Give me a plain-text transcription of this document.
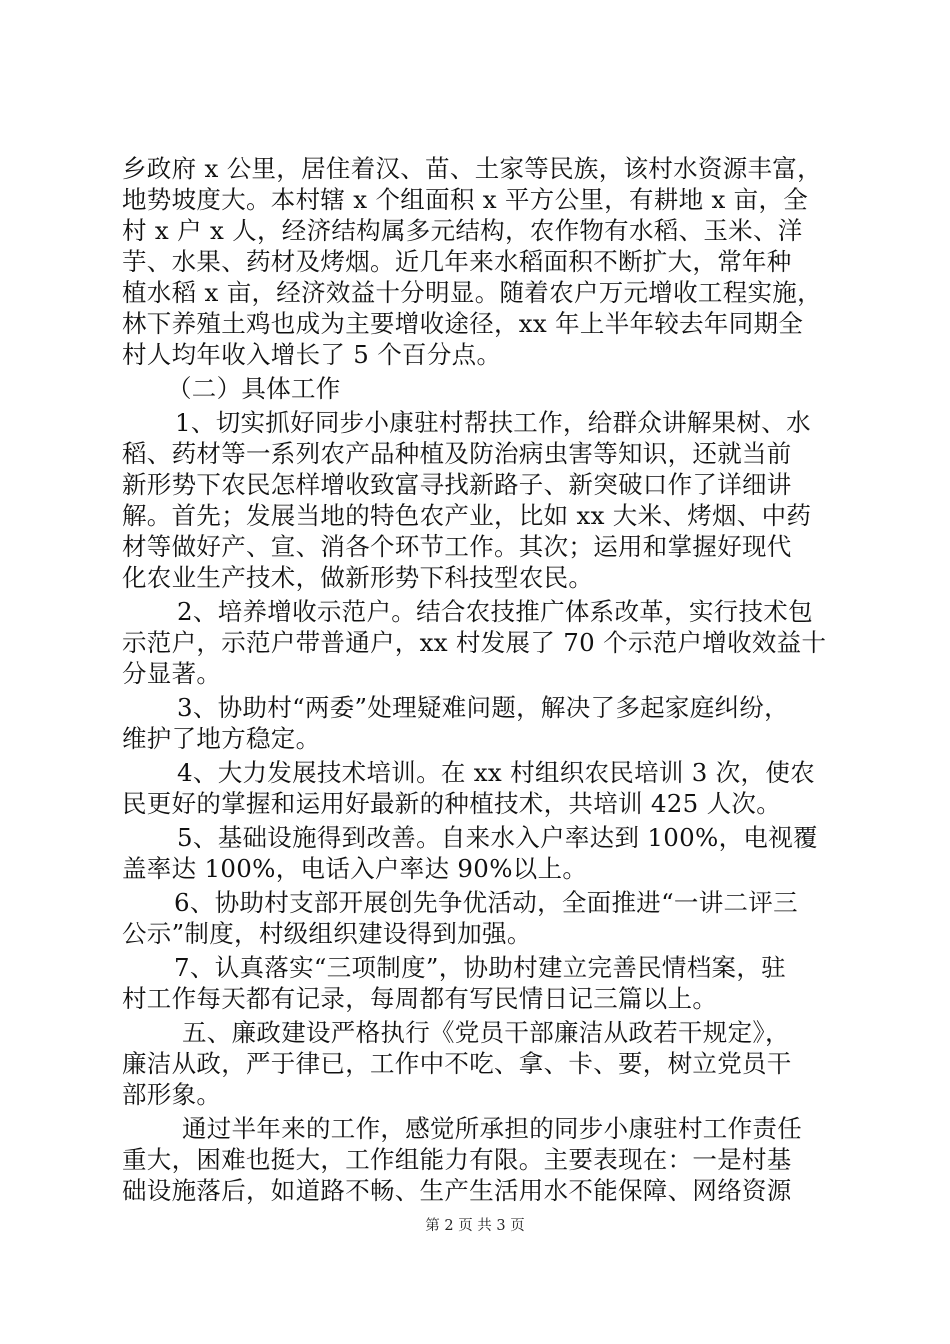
乡政府 x 公里，居住着汉、苗、土家等民族，该村水资源丰富，
地势坡度大。本村辖 x 个组面积 x 平方公里，有耕地 x 亩，全
村 x 户 x 人，经济结构属多元结构，农作物有水稻、玉米、洋
芋、水果、药材及烤烟。近几年来水稻面积不断扩大，常年种
植水稻 x 亩，经济效益十分明显。随着农户万元增收工程实施，
林下养殖土鸡也成为主要增收途径，xx 年上半年较去年同期全
村人均年收入增长了 5 个百分点。
（二）具体工作
1、切实抓好同步小康驻村帮扶工作，给群众讲解果树、水
稻、药材等一系列农产品种植及防治病虫害等知识，还就当前
新形势下农民怎样增收致富寻找新路子、新突破口作了详细讲
解。首先；发展当地的特色农产业，比如 xx 大米、烤烟、中药
材等做好产、宣、消各个环节工作。其次；运用和掌握好现代
化农业生产技术，做新形势下科技型农民。
2、培养增收示范户。结合农技推广体系改革，实行技术包
示范户，示范户带普通户，xx 村发展了 70 个示范户增收效益十
分显著。
3、协助村“两委”处理疑难问题，解决了多起家庭纠纷，
维护了地方稳定。
4、大力发展技术培训。在 xx 村组织农民培训 3 次，使农
民更好的掌握和运用好最新的种植技术，共培训 425 人次。
5、基础设施得到改善。自来水入户率达到 100%，电视覆
盖率达 100%，电话入户率达 90%以上。
6、协助村支部开展创先争优活动，全面推进“一讲二评三
公示”制度，村级组织建设得到加强。
7、认真落实“三项制度”，协助村建立完善民情档案，驻
村工作每天都有记录，每周都有写民情日记三篇以上。
五、廉政建设严格执行《党员干部廉洁从政若干规定》，
廉洁从政，严于律已，工作中不吃、拿、卡、要，树立党员干
部形象。
通过半年来的工作，感觉所承担的同步小康驻村工作责任
重大，困难也挺大，工作组能力有限。主要表现在：一是村基
础设施落后，如道路不畅、生产生活用水不能保障、网络资源
第 2 页 共 3 页
